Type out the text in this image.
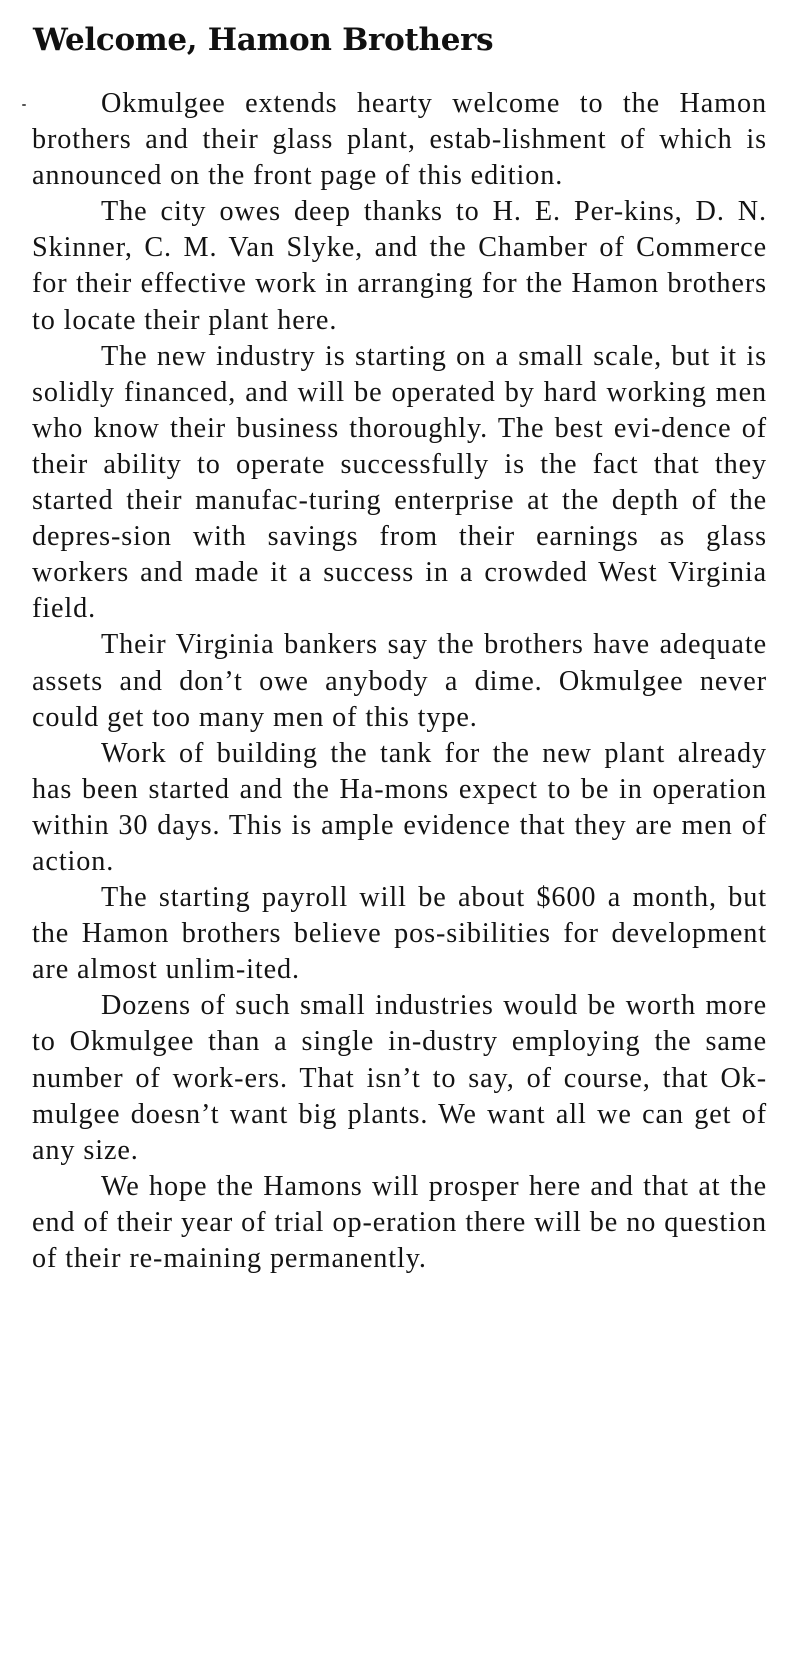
Welcome, Hamon Brothers

Okmulgee extends hearty welcome to the Hamon brothers and their glass plant, estab-lishment of which is announced on the front page of this edition.

The city owes deep thanks to H. E. Per-kins, D. N. Skinner, C. M. Van Slyke, and the Chamber of Commerce for their effective work in arranging for the Hamon brothers to locate their plant here.

The new industry is starting on a small scale, but it is solidly financed, and will be operated by hard working men who know their business thoroughly. The best evi-dence of their ability to operate successfully is the fact that they started their manufac-turing enterprise at the depth of the depres-sion with savings from their earnings as glass workers and made it a success in a crowded West Virginia field.

Their Virginia bankers say the brothers have adequate assets and don’t owe anybody a dime. Okmulgee never could get too many men of this type.

Work of building the tank for the new plant already has been started and the Ha-mons expect to be in operation within 30 days. This is ample evidence that they are men of action.

The starting payroll will be about $600 a month, but the Hamon brothers believe pos-sibilities for development are almost unlim-ited.

Dozens of such small industries would be worth more to Okmulgee than a single in-dustry employing the same number of work-ers. That isn’t to say, of course, that Ok-mulgee doesn’t want big plants. We want all we can get of any size.

We hope the Hamons will prosper here and that at the end of their year of trial op-eration there will be no question of their re-maining permanently.
